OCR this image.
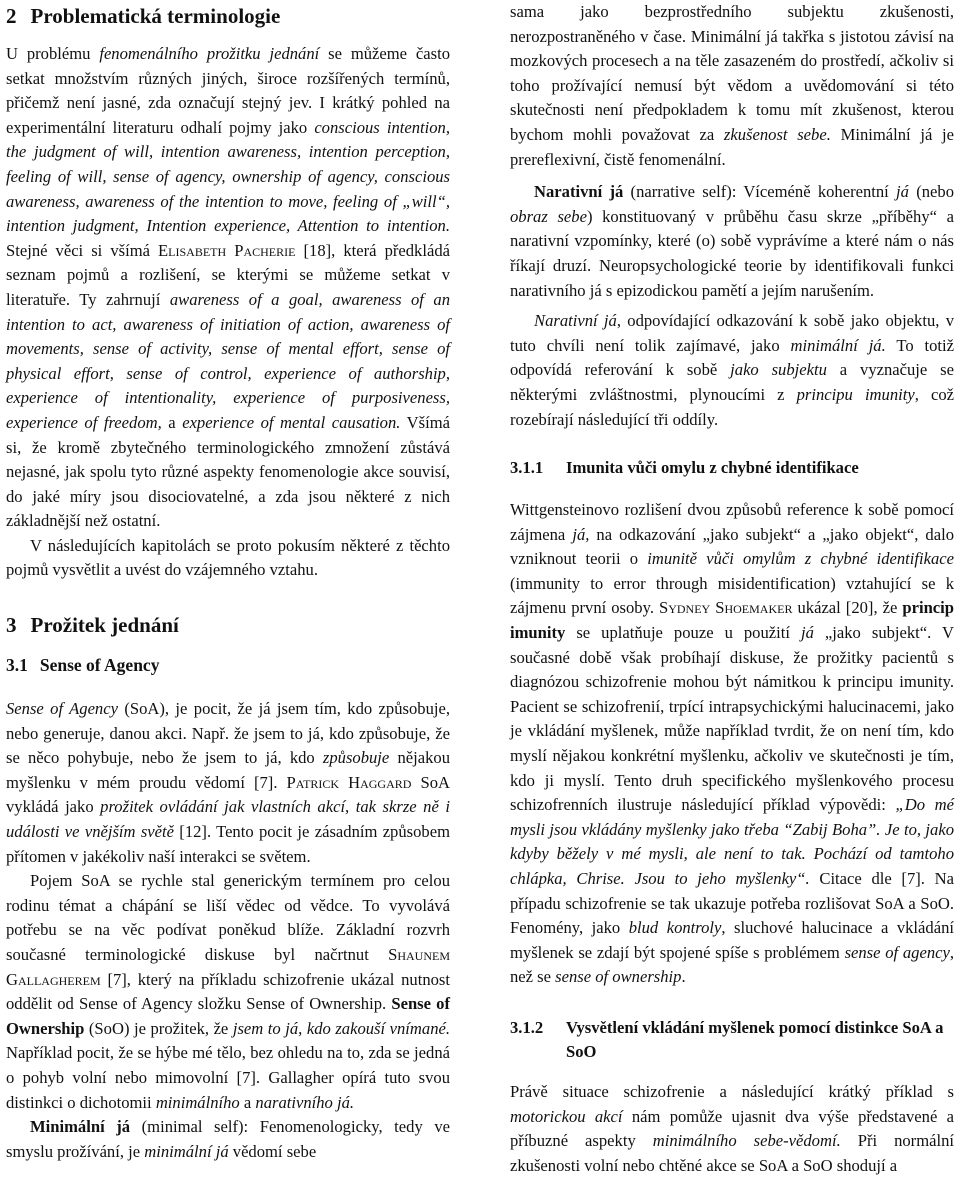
2 Problematická terminologie

U problému fenomenálního prožitku jednání se můžeme často setkat množstvím různých jiných, široce rozšířených termínů, přičemž není jasné, zda označují stejný jev. I krátký pohled na experimentální literaturu odhalí pojmy jako conscious intention, the judgment of will, intention awareness, intention perception, feeling of will, sense of agency, ownership of agency, conscious awareness, awareness of the intention to move, feeling of „will“, intention judgment, Intention experience, Attention to intention. Stejné věci si všímá Elisabeth Pacherie [18], která předkládá seznam pojmů a rozlišení, se kterými se můžeme setkat v literatuře. Ty zahrnují awareness of a goal, awareness of an intention to act, awareness of initiation of action, awareness of movements, sense of activity, sense of mental effort, sense of physical effort, sense of control, experience of authorship, experience of intentionality, experience of purposiveness, experience of freedom, a experience of mental causation. Všímá si, že kromě zbytečného terminologického zmnožení zůstává nejasné, jak spolu tyto různé aspekty fenomenologie akce souvisí, do jaké míry jsou disociovatelné, a zda jsou některé z nich základnější než ostatní.

V následujících kapitolách se proto pokusím některé z těchto pojmů vysvětlit a uvést do vzájemného vztahu.

3 Prožitek jednání
3.1 Sense of Agency

Sense of Agency (SoA), je pocit, že já jsem tím, kdo způsobuje, nebo generuje, danou akci. Např. že jsem to já, kdo způsobuje, že se něco pohybuje, nebo že jsem to já, kdo způsobuje nějakou myšlenku v mém proudu vědomí [7]. Patrick Haggard SoA vykládá jako prožitek ovládání jak vlastních akcí, tak skrze ně i události ve vnějším světě [12]. Tento pocit je zásadním způsobem přítomen v jakékoliv naší interakci se světem.

Pojem SoA se rychle stal generickým termínem pro celou rodinu témat a chápání se liší vědec od vědce. To vyvolává potřebu se na věc podívat poněkud blíže. Základní rozvrh současné terminologické diskuse byl načrtnut Shaunem Gallagherem [7], který na příkladu schizofrenie ukázal nutnost oddělit od Sense of Agency složku Sense of Ownership. Sense of Ownership (SoO) je prožitek, že jsem to já, kdo zakouší vnímané. Například pocit, že se hýbe mé tělo, bez ohledu na to, zda se jedná o pohyb volní nebo mimovolní [7]. Gallagher opírá tuto svou distinkci o dichotomii minimálního a narativního já.

Minimální já (minimal self): Fenomenologicky, tedy ve smyslu prožívání, je minimální já vědomí sebe

sama jako bezprostředního subjektu zkušenosti, nerozpostraněného v čase. Minimální já takřka s jistotou závisí na mozkových procesech a na těle zasazeném do prostředí, ačkoliv si toho prožívající nemusí být vědom a uvědomování si této skutečnosti není předpokladem k tomu mít zkušenost, kterou bychom mohli považovat za zkušenost sebe. Minimální já je prereflexivní, čistě fenomenální.

Narativní já (narrative self): Víceméně koherentní já (nebo obraz sebe) konstituovaný v průběhu času skrze „příběhy“ a narativní vzpomínky, které (o) sobě vyprávíme a které nám o nás říkají druzí. Neuropsychologické teorie by identifikovali funkci narativního já s epizodickou pamětí a jejím narušením.

Narativní já, odpovídající odkazování k sobě jako objektu, v tuto chvíli není tolik zajímavé, jako minimální já. To totiž odpovídá referování k sobě jako subjektu a vyznačuje se některými zvláštnostmi, plynoucími z principu imunity, což rozebírají následující tři oddíly.

3.1.1	Imunita vůči omylu z chybné identifikace

Wittgensteinovo rozlišení dvou způsobů reference k sobě pomocí zájmena já, na odkazování „jako subjekt“ a „jako objekt“, dalo vzniknout teorii o imunitě vůči omylům z chybné identifikace (immunity to error through misidentification) vztahující se k zájmenu první osoby. Sydney Shoemaker ukázal [20], že princip imunity se uplatňuje pouze u použití já „jako subjekt“. V současné době však probíhají diskuse, že prožitky pacientů s diagnózou schizofrenie mohou být námitkou k principu imunity. Pacient se schizofrenií, trpící intrapsychickými halucinacemi, jako je vkládání myšlenek, může například tvrdit, že on není tím, kdo myslí nějakou konkrétní myšlenku, ačkoliv ve skutečnosti je tím, kdo ji myslí. Tento druh specifického myšlenkového procesu schizofrenních ilustruje následující příklad výpovědi: „Do mé mysli jsou vkládány myšlenky jako třeba “Zabij Boha”. Je to, jako kdyby běžely v mé mysli, ale není to tak. Pochází od tamtoho chlápka, Chrise. Jsou to jeho myšlenky“. Citace dle [7]. Na případu schizofrenie se tak ukazuje potřeba rozlišovat SoA a SoO. Fenomény, jako blud kontroly, sluchové halucinace a vkládání myšlenek se zdají být spojené spíše s problémem sense of agency, než se sense of ownership.

3.1.2	Vysvětlení vkládání myšlenek pomocí distinkce SoA a SoO

Právě situace schizofrenie a následující krátký příklad s motorickou akcí nám pomůže ujasnit dva výše představené a příbuzné aspekty minimálního sebe-vědomí. Při normální zkušenosti volní nebo chtěné akce se SoA a SoO shodují a
